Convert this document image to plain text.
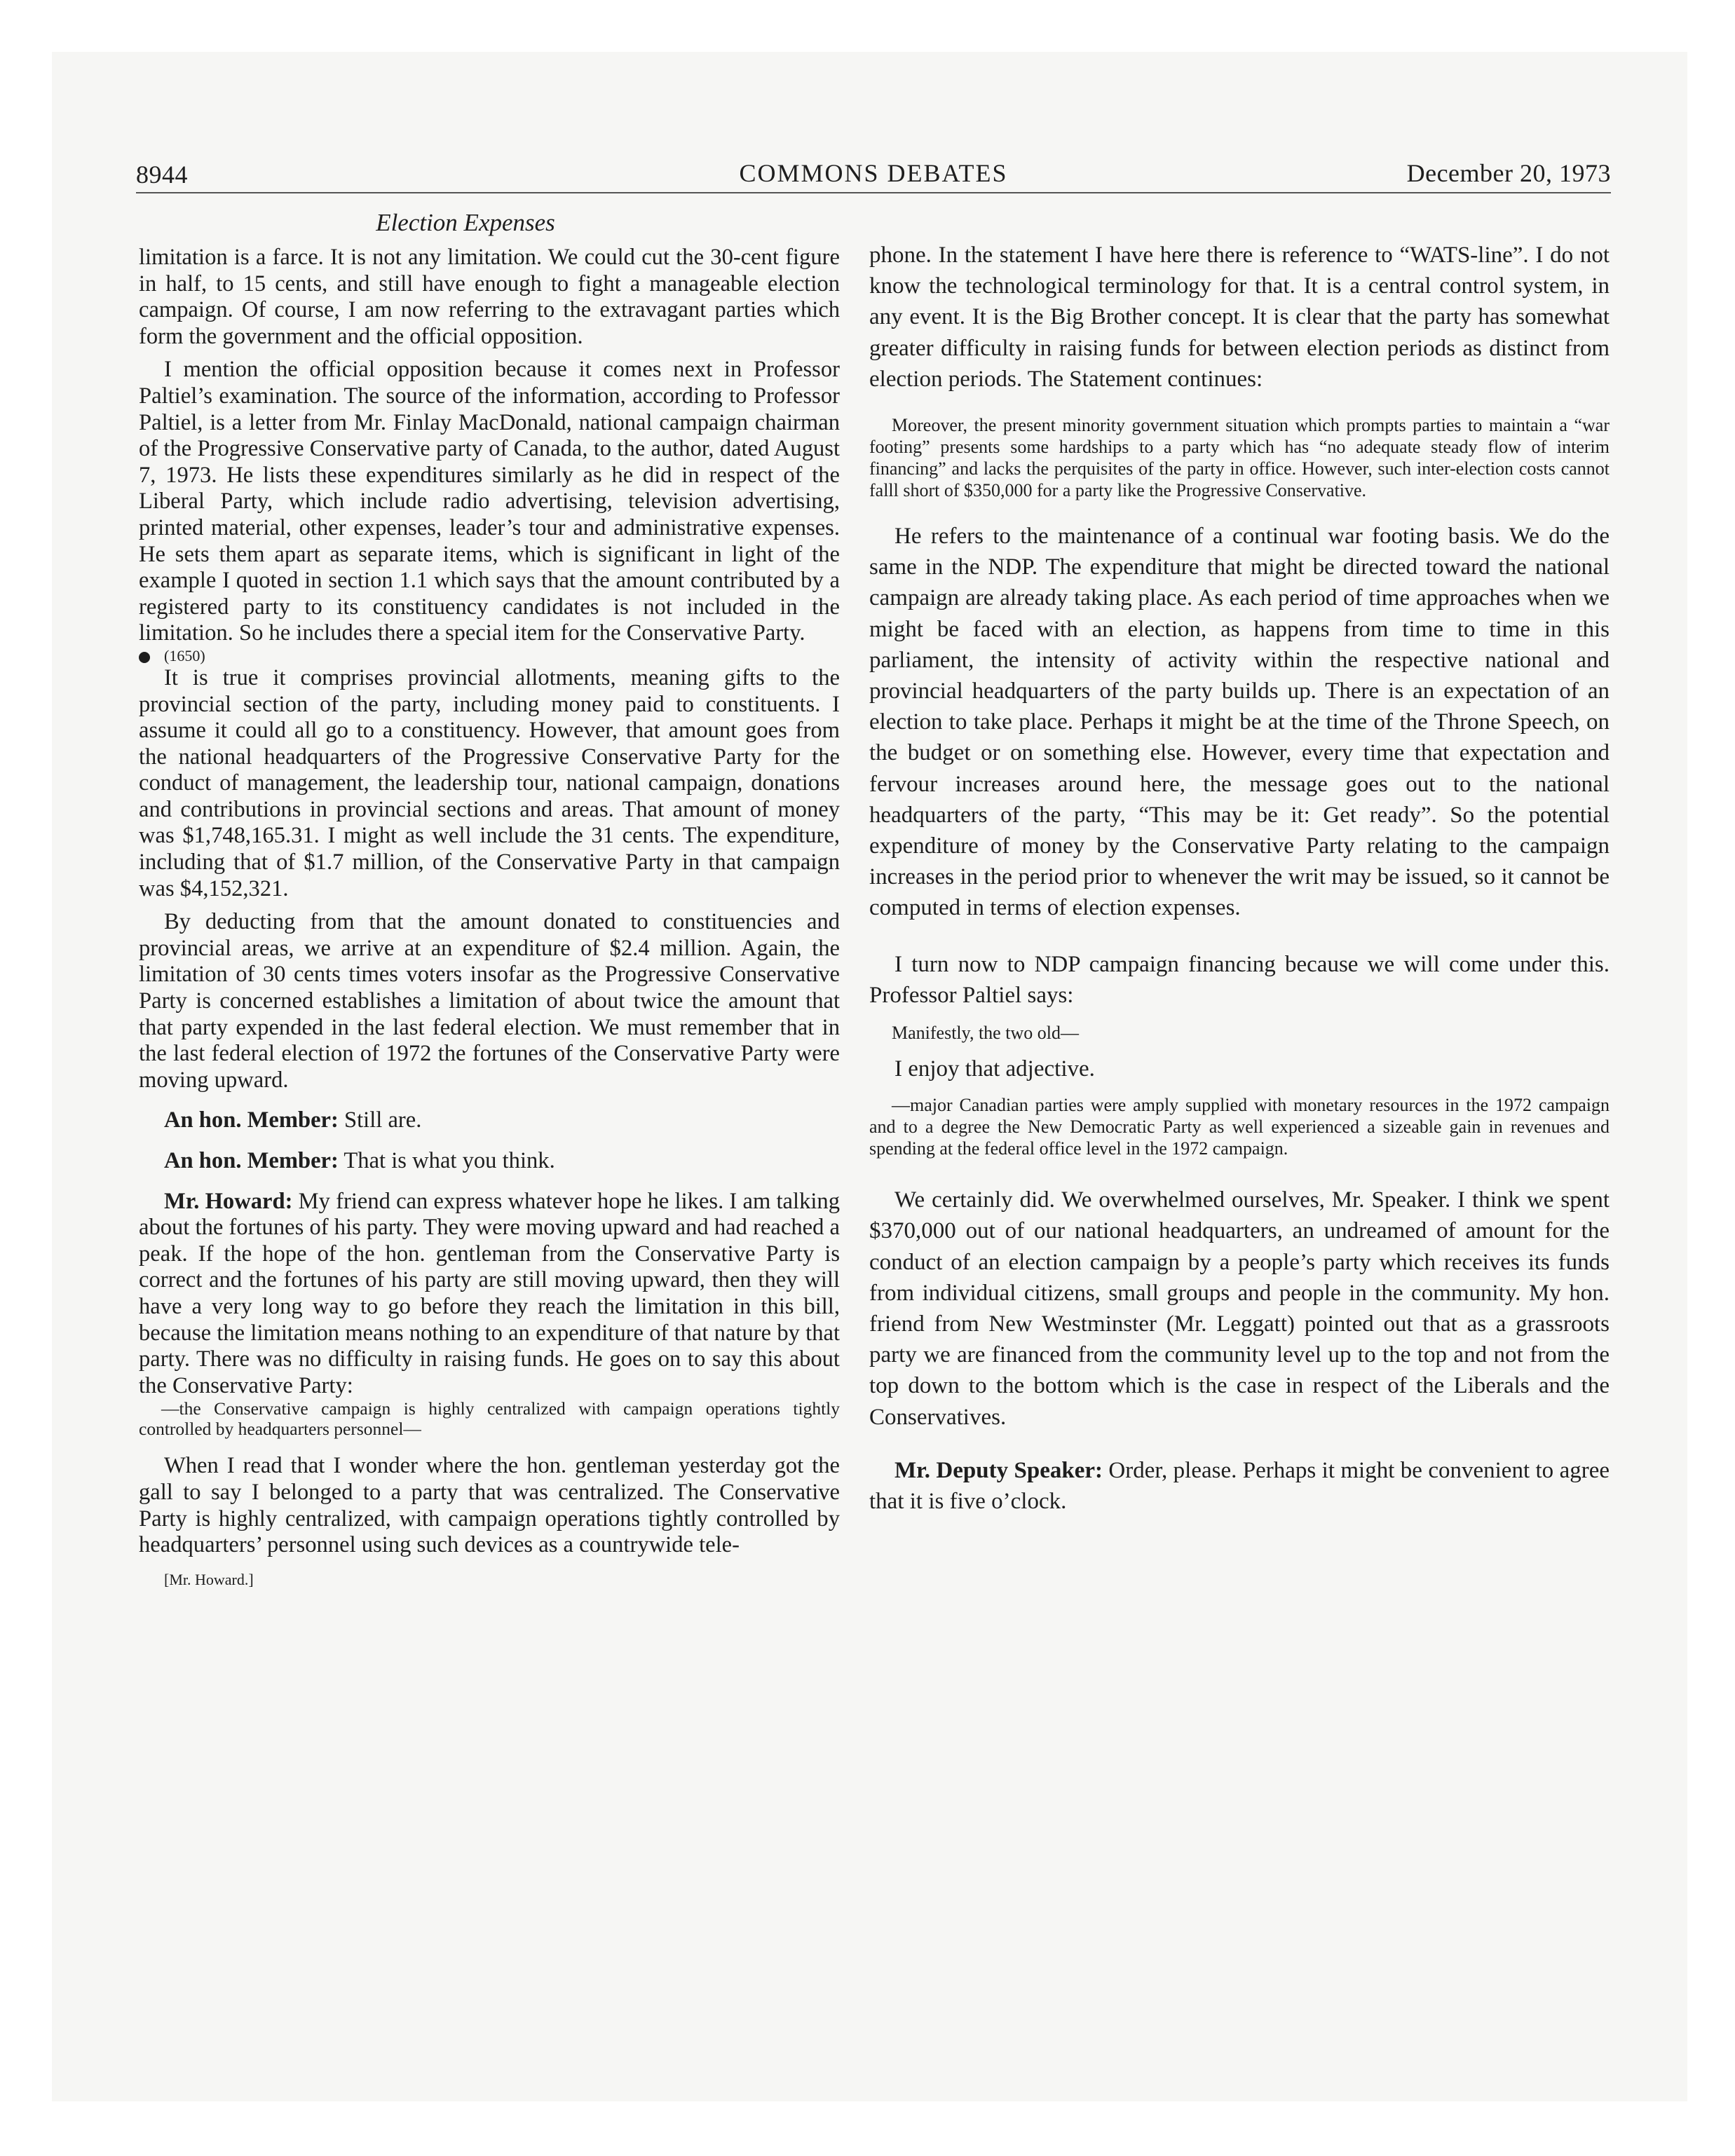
8944	COMMONS DEBATES	December 20, 1973
Election Expenses

limitation is a farce. It is not any limitation. We could cut the 30-cent figure in half, to 15 cents, and still have enough to fight a manageable election campaign. Of course, I am now referring to the extravagant parties which form the government and the official opposition.

I mention the official opposition because it comes next in Professor Paltiel’s examination. The source of the information, according to Professor Paltiel, is a letter from Mr. Finlay MacDonald, national campaign chairman of the Progressive Conservative party of Canada, to the author, dated August 7, 1973. He lists these expenditures similarly as he did in respect of the Liberal Party, which include radio advertising, television advertising, printed material, other expenses, leader’s tour and administrative expenses. He sets them apart as separate items, which is significant in light of the example I quoted in section 1.1 which says that the amount contributed by a registered party to its constituency candidates is not included in the limitation. So he includes there a special item for the Conservative Party.

(1650)

It is true it comprises provincial allotments, meaning gifts to the provincial section of the party, including money paid to constituents. I assume it could all go to a constituency. However, that amount goes from the national headquarters of the Progressive Conservative Party for the conduct of management, the leadership tour, national campaign, donations and contributions in provincial sections and areas. That amount of money was $1,748,165.31. I might as well include the 31 cents. The expenditure, including that of $1.7 million, of the Conservative Party in that campaign was $4,152,321.

By deducting from that the amount donated to constituencies and provincial areas, we arrive at an expenditure of $2.4 million. Again, the limitation of 30 cents times voters insofar as the Progressive Conservative Party is concerned establishes a limitation of about twice the amount that that party expended in the last federal election. We must remember that in the last federal election of 1972 the fortunes of the Conservative Party were moving upward.

An hon. Member: Still are.

An hon. Member: That is what you think.

Mr. Howard: My friend can express whatever hope he likes. I am talking about the fortunes of his party. They were moving upward and had reached a peak. If the hope of the hon. gentleman from the Conservative Party is correct and the fortunes of his party are still moving upward, then they will have a very long way to go before they reach the limitation in this bill, because the limitation means nothing to an expenditure of that nature by that party. There was no difficulty in raising funds. He goes on to say this about the Conservative Party:

—the Conservative campaign is highly centralized with campaign operations tightly controlled by headquarters personnel—

When I read that I wonder where the hon. gentleman yesterday got the gall to say I belonged to a party that was centralized. The Conservative Party is highly centralized, with campaign operations tightly controlled by headquarters’ personnel using such devices as a countrywide tele-

[Mr. Howard.]

phone. In the statement I have here there is reference to “WATS-line”. I do not know the technological terminology for that. It is a central control system, in any event. It is the Big Brother concept. It is clear that the party has somewhat greater difficulty in raising funds for between election periods as distinct from election periods. The Statement continues:

Moreover, the present minority government situation which prompts parties to maintain a “war footing” presents some hardships to a party which has “no adequate steady flow of interim financing” and lacks the perquisites of the party in office. However, such inter-election costs cannot falll short of $350,000 for a party like the Progressive Conservative.

He refers to the maintenance of a continual war footing basis. We do the same in the NDP. The expenditure that might be directed toward the national campaign are already taking place. As each period of time approaches when we might be faced with an election, as happens from time to time in this parliament, the intensity of activity within the respective national and provincial headquarters of the party builds up. There is an expectation of an election to take place. Perhaps it might be at the time of the Throne Speech, on the budget or on something else. However, every time that expectation and fervour increases around here, the message goes out to the national headquarters of the party, “This may be it: Get ready”. So the potential expenditure of money by the Conservative Party relating to the campaign increases in the period prior to whenever the writ may be issued, so it cannot be computed in terms of election expenses.

I turn now to NDP campaign financing because we will come under this. Professor Paltiel says:

Manifestly, the two old—

I enjoy that adjective.

—major Canadian parties were amply supplied with monetary resources in the 1972 campaign and to a degree the New Democratic Party as well experienced a sizeable gain in revenues and spending at the federal office level in the 1972 campaign.

We certainly did. We overwhelmed ourselves, Mr. Speaker. I think we spent $370,000 out of our national headquarters, an undreamed of amount for the conduct of an election campaign by a people’s party which receives its funds from individual citizens, small groups and people in the community. My hon. friend from New Westminster (Mr. Leggatt) pointed out that as a grassroots party we are financed from the community level up to the top and not from the top down to the bottom which is the case in respect of the Liberals and the Conservatives.

Mr. Deputy Speaker: Order, please. Perhaps it might be convenient to agree that it is five o’clock.
